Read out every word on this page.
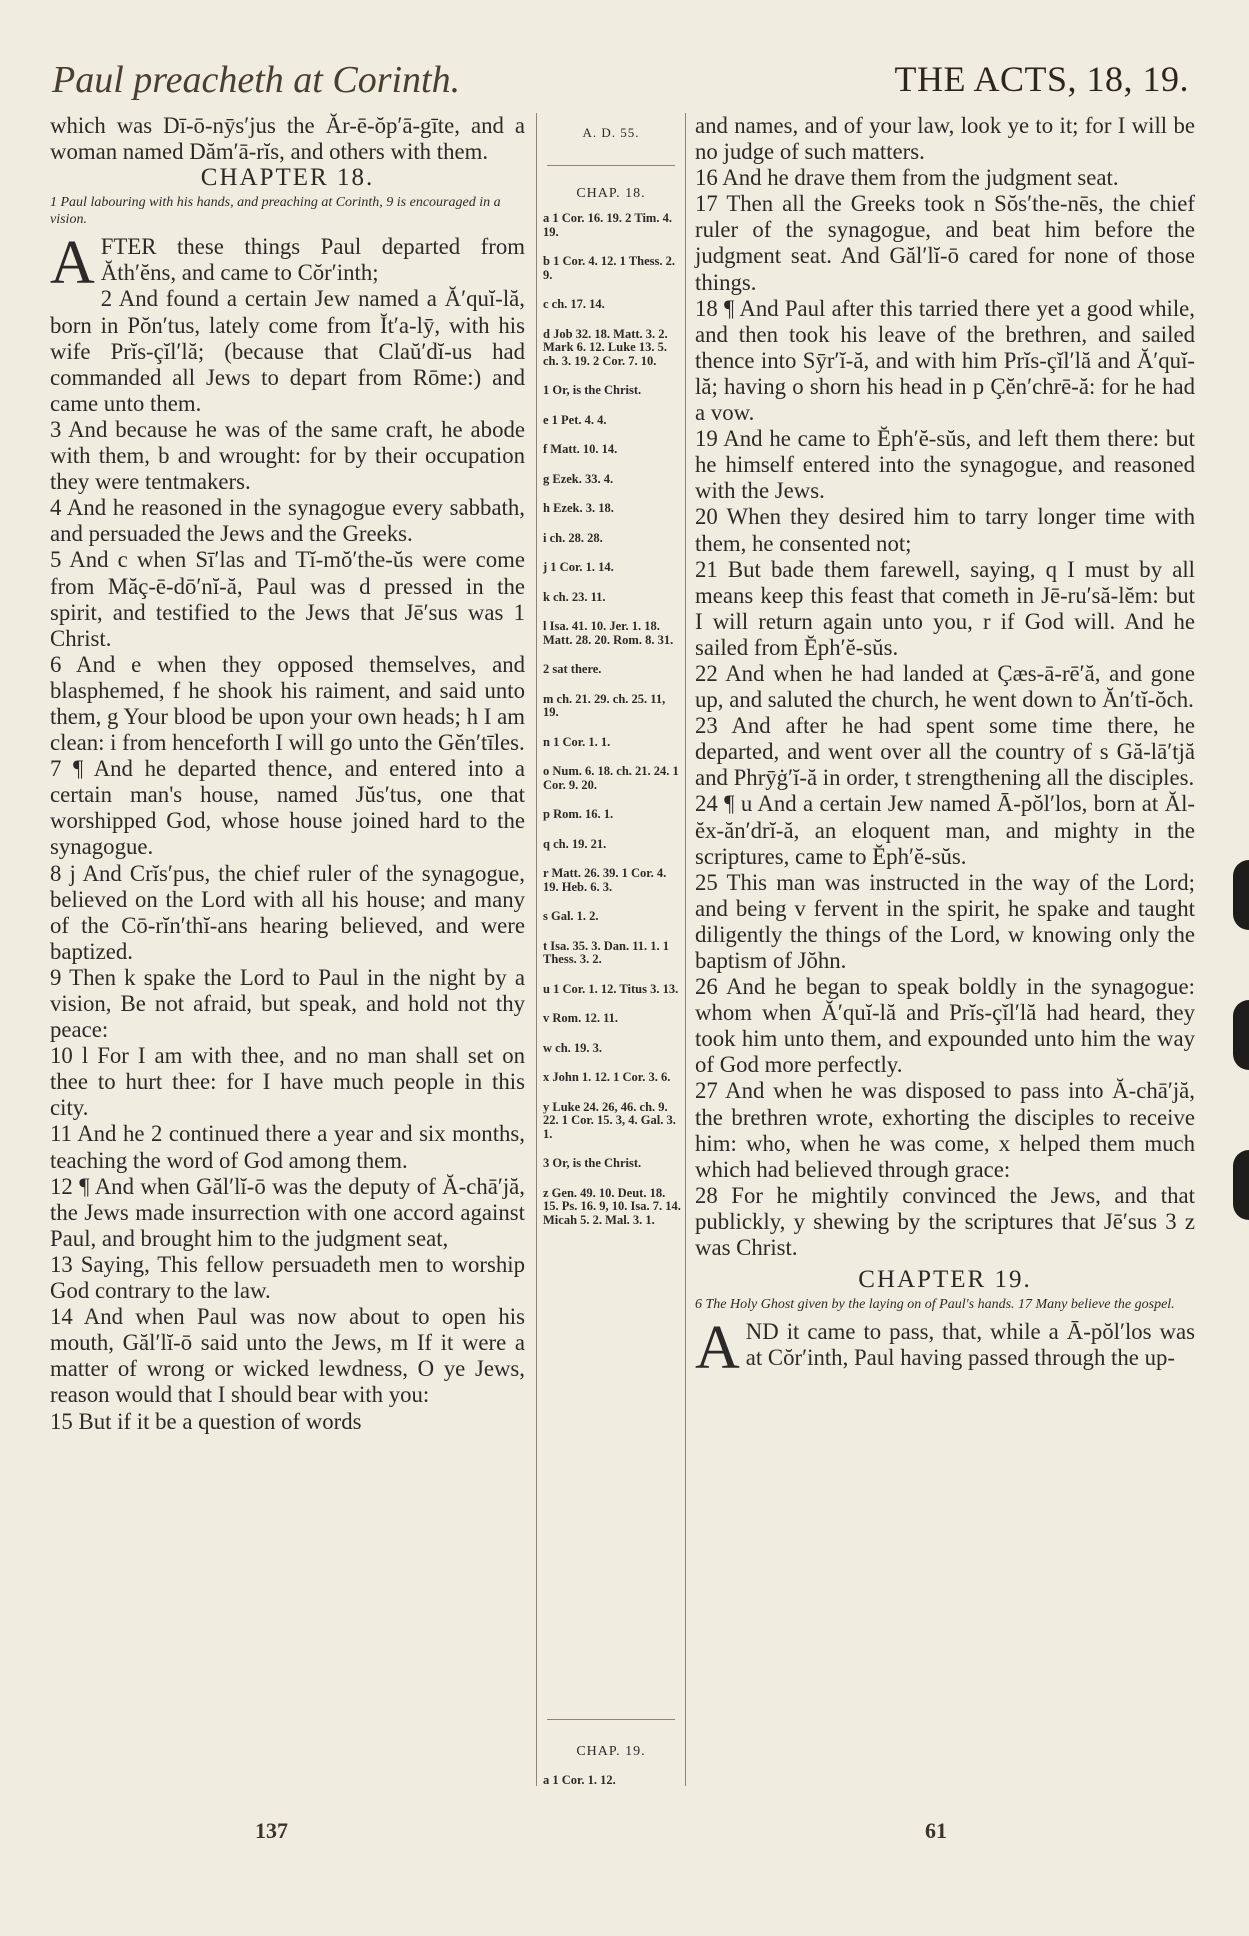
Paul preacheth at Corinth.	THE ACTS, 18, 19.

which was Dī-ō-nȳs′jus the Ăr-ē-ŏp′ā-gīte, and a woman named Dăm′ā-rĭs, and others with them.

CHAPTER 18.
1 Paul labouring with his hands, and preaching at Corinth, 9 is encouraged in a vision.

A FTER these things Paul departed from Ăth′ĕns, and came to Cŏr′inth;

2 And found a certain Jew named a Ă′quĭ-lă, born in Pŏn′tus, lately come from Ĭt′a-lȳ, with his wife Prĭs-çĭl′lă; (because that Claŭ′dĭ-us had commanded all Jews to depart from Rōme:) and came unto them.

3 And because he was of the same craft, he abode with them, b and wrought: for by their occupation they were tentmakers.

4 And he reasoned in the synagogue every sabbath, and persuaded the Jews and the Greeks.

5 And c when Sī′las and Tĭ-mŏ′the-ŭs were come from Măç-ē-dō′nĭ-ă, Paul was d pressed in the spirit, and testified to the Jews that Jē′sus was 1 Christ.

6 And e when they opposed themselves, and blasphemed, f he shook his raiment, and said unto them, g Your blood be upon your own heads; h I am clean: i from henceforth I will go unto the Gĕn′tīles.

7 ¶ And he departed thence, and entered into a certain man's house, named Jŭs′tus, one that worshipped God, whose house joined hard to the synagogue.

8 j And Crĭs′pus, the chief ruler of the synagogue, believed on the Lord with all his house; and many of the Cō-rĭn′thĭ-ans hearing believed, and were baptized.

9 Then k spake the Lord to Paul in the night by a vision, Be not afraid, but speak, and hold not thy peace:

10 l For I am with thee, and no man shall set on thee to hurt thee: for I have much people in this city.

11 And he 2 continued there a year and six months, teaching the word of God among them.

12 ¶ And when Găl′lĭ-ō was the deputy of Ă-chā′jă, the Jews made insurrection with one accord against Paul, and brought him to the judgment seat,

13 Saying, This fellow persuadeth men to worship God contrary to the law.

14 And when Paul was now about to open his mouth, Găl′lĭ-ō said unto the Jews, m If it were a matter of wrong or wicked lewdness, O ye Jews, reason would that I should bear with you:

15 But if it be a question of words

A. D. 55.
CHAP. 18.
a 1 Cor. 16. 19. 2 Tim. 4. 19.
b 1 Cor. 4. 12. 1 Thess. 2. 9.
c ch. 17. 14.
d Job 32. 18. Matt. 3. 2. Mark 6. 12. Luke 13. 5. ch. 3. 19. 2 Cor. 7. 10.
1 Or, is the Christ.
e 1 Pet. 4. 4.
f Matt. 10. 14.
g Ezek. 33. 4.
h Ezek. 3. 18.
i ch. 28. 28.
j 1 Cor. 1. 14.
k ch. 23. 11.
l Isa. 41. 10. Jer. 1. 18. Matt. 28. 20. Rom. 8. 31.
2 sat there.
m ch. 21. 29. ch. 25. 11, 19.
n 1 Cor. 1. 1.
o Num. 6. 18. ch. 21. 24. 1 Cor. 9. 20.
p Rom. 16. 1.
q ch. 19. 21.
r Matt. 26. 39. 1 Cor. 4. 19. Heb. 6. 3.
s Gal. 1. 2.
t Isa. 35. 3. Dan. 11. 1. 1 Thess. 3. 2.
u 1 Cor. 1. 12. Titus 3. 13.
v Rom. 12. 11.
w ch. 19. 3.
x John 1. 12. 1 Cor. 3. 6.
y Luke 24. 26, 46. ch. 9. 22. 1 Cor. 15. 3, 4. Gal. 3. 1.
3 Or, is the Christ.
z Gen. 49. 10. Deut. 18. 15. Ps. 16. 9, 10. Isa. 7. 14. Micah 5. 2. Mal. 3. 1.
CHAP. 19.
a 1 Cor. 1. 12.

and names, and of your law, look ye to it; for I will be no judge of such matters.

16 And he drave them from the judgment seat.

17 Then all the Greeks took n Sŏs′the-nēs, the chief ruler of the synagogue, and beat him before the judgment seat. And Găl′lĭ-ō cared for none of those things.

18 ¶ And Paul after this tarried there yet a good while, and then took his leave of the brethren, and sailed thence into Sȳr′ĭ-ă, and with him Prĭs-çĭl′lă and Ă′quĭ-lă; having o shorn his head in p Çĕn′chrē-ă: for he had a vow.

19 And he came to Ĕph′ĕ-sŭs, and left them there: but he himself entered into the synagogue, and reasoned with the Jews.

20 When they desired him to tarry longer time with them, he consented not;

21 But bade them farewell, saying, q I must by all means keep this feast that cometh in Jē-ru′să-lĕm: but I will return again unto you, r if God will. And he sailed from Ĕph′ĕ-sŭs.

22 And when he had landed at Çæs-ā-rē′ă, and gone up, and saluted the church, he went down to Ăn′tĭ-ŏch.

23 And after he had spent some time there, he departed, and went over all the country of s Gă-lā′tjă and Phrȳġ′ĭ-ă in order, t strengthening all the disciples.

24 ¶ u And a certain Jew named Ā-pŏl′los, born at Ăl-ĕx-ăn′drĭ-ă, an eloquent man, and mighty in the scriptures, came to Ĕph′ĕ-sŭs.

25 This man was instructed in the way of the Lord; and being v fervent in the spirit, he spake and taught diligently the things of the Lord, w knowing only the baptism of Jŏhn.

26 And he began to speak boldly in the synagogue: whom when Ă′quĭ-lă and Prĭs-çĭl′lă had heard, they took him unto them, and expounded unto him the way of God more perfectly.

27 And when he was disposed to pass into Ă-chā′jă, the brethren wrote, exhorting the disciples to receive him: who, when he was come, x helped them much which had believed through grace:

28 For he mightily convinced the Jews, and that publickly, y shewing by the scriptures that Jē′sus 3 z was Christ.

CHAPTER 19.
6 The Holy Ghost given by the laying on of Paul's hands. 17 Many believe the gospel.

A ND it came to pass, that, while a Ā-pŏl′los was at Cŏr′inth, Paul having passed through the up-

137	61
